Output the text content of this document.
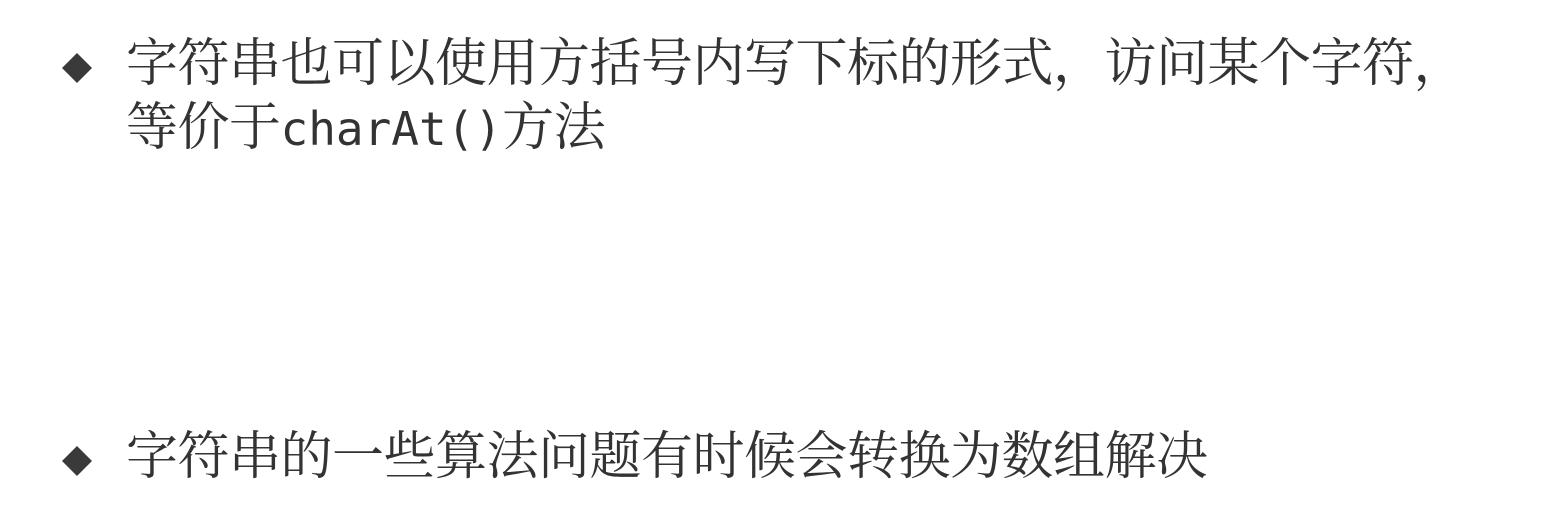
字符串也可以使用方括号内写下标的形式，访问某个字符，
等价于charAt()方法
字符串的一些算法问题有时候会转换为数组解决
